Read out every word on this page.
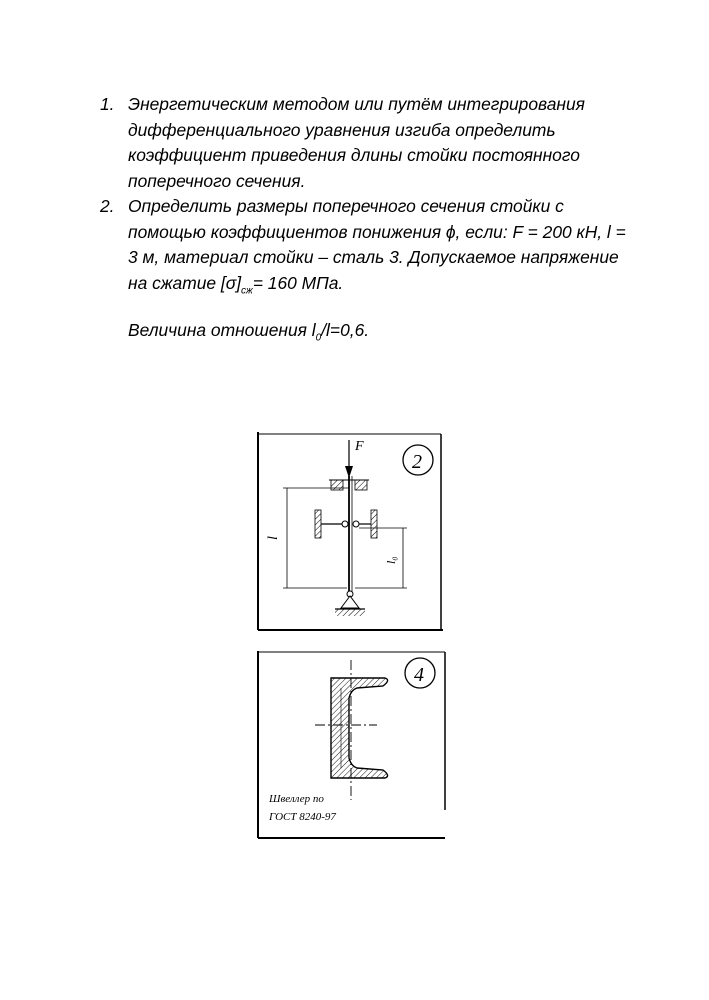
1. Энергетическим методом или путём интегрирования дифференциального уравнения изгиба определить коэффициент приведения длины стойки постоянного поперечного сечения.
2. Определить размеры поперечного сечения стойки с помощью коэффициентов понижения ϕ, если: F = 200 кН, l = 3 м, материал стойки – сталь 3. Допускаемое напряжение на сжатие $[\sigma]_{сж}= 160$ МПа.
Величина отношения $l_0/l=0,6$.
F
2
l
l₀
4
Швеллер по
ГОСТ 8240-97
